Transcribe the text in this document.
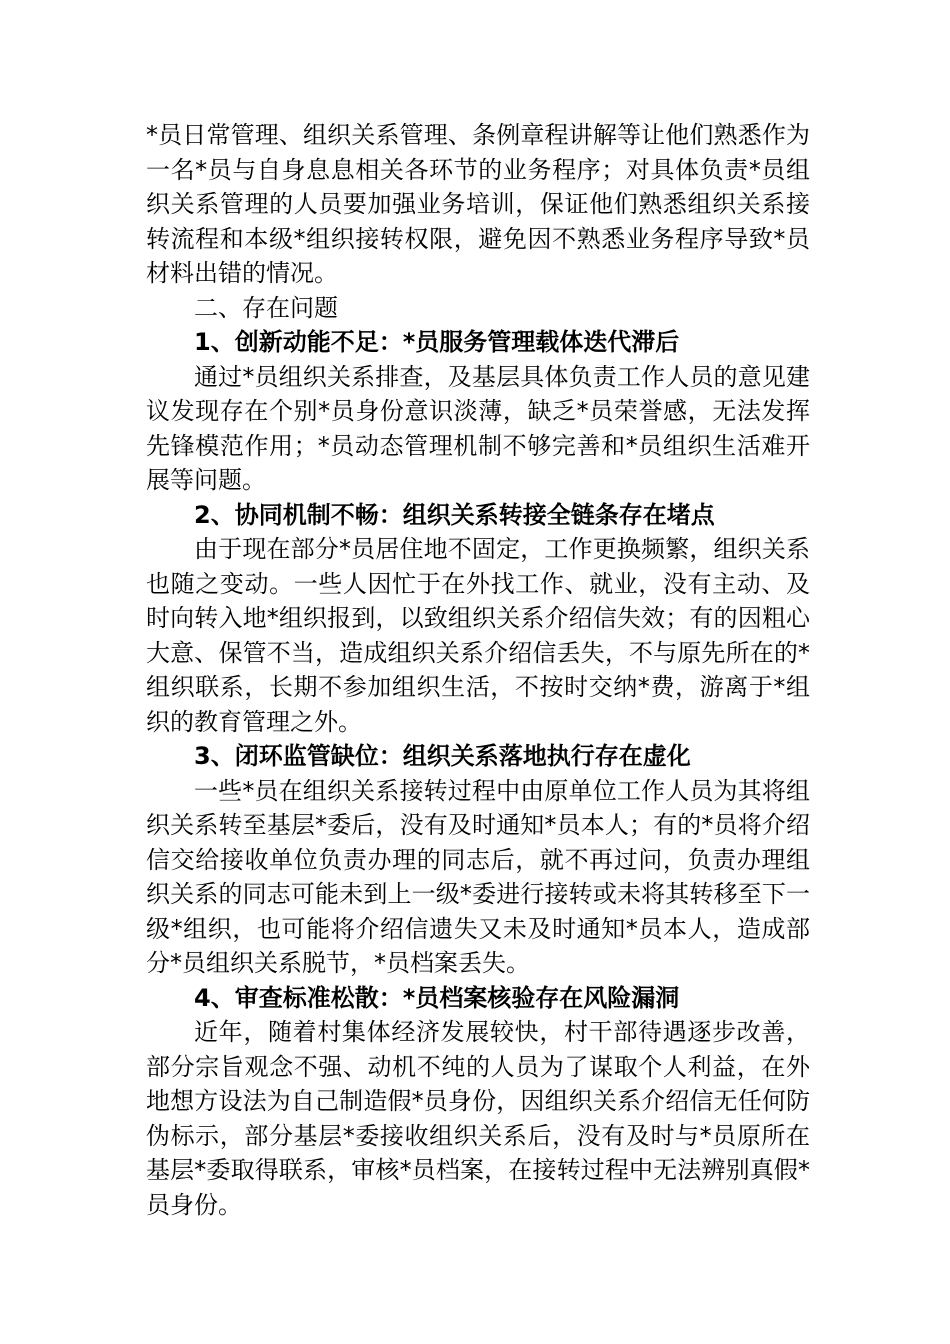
*员日常管理、组织关系管理、条例章程讲解等让他们熟悉作为一名*员与自身息息相关各环节的业务程序；对具体负责*员组织关系管理的人员要加强业务培训，保证他们熟悉组织关系接转流程和本级*组织接转权限，避免因不熟悉业务程序导致*员材料出错的情况。

二、存在问题

1、创新动能不足：*员服务管理载体迭代滞后

通过*员组织关系排查，及基层具体负责工作人员的意见建议发现存在个别*员身份意识淡薄，缺乏*员荣誉感，无法发挥先锋模范作用；*员动态管理机制不够完善和*员组织生活难开展等问题。

2、协同机制不畅：组织关系转接全链条存在堵点

由于现在部分*员居住地不固定，工作更换频繁，组织关系也随之变动。一些人因忙于在外找工作、就业，没有主动、及时向转入地*组织报到，以致组织关系介绍信失效；有的因粗心大意、保管不当，造成组织关系介绍信丢失，不与原先所在的*组织联系，长期不参加组织生活，不按时交纳*费，游离于*组织的教育管理之外。

3、闭环监管缺位：组织关系落地执行存在虚化

一些*员在组织关系接转过程中由原单位工作人员为其将组织关系转至基层*委后，没有及时通知*员本人；有的*员将介绍信交给接收单位负责办理的同志后，就不再过问，负责办理组织关系的同志可能未到上一级*委进行接转或未将其转移至下一级*组织，也可能将介绍信遗失又未及时通知*员本人，造成部分*员组织关系脱节，*员档案丢失。

4、审查标准松散：*员档案核验存在风险漏洞

近年，随着村集体经济发展较快，村干部待遇逐步改善，部分宗旨观念不强、动机不纯的人员为了谋取个人利益，在外地想方设法为自己制造假*员身份，因组织关系介绍信无任何防伪标示，部分基层*委接收组织关系后，没有及时与*员原所在基层*委取得联系，审核*员档案，在接转过程中无法辨别真假*员身份。
